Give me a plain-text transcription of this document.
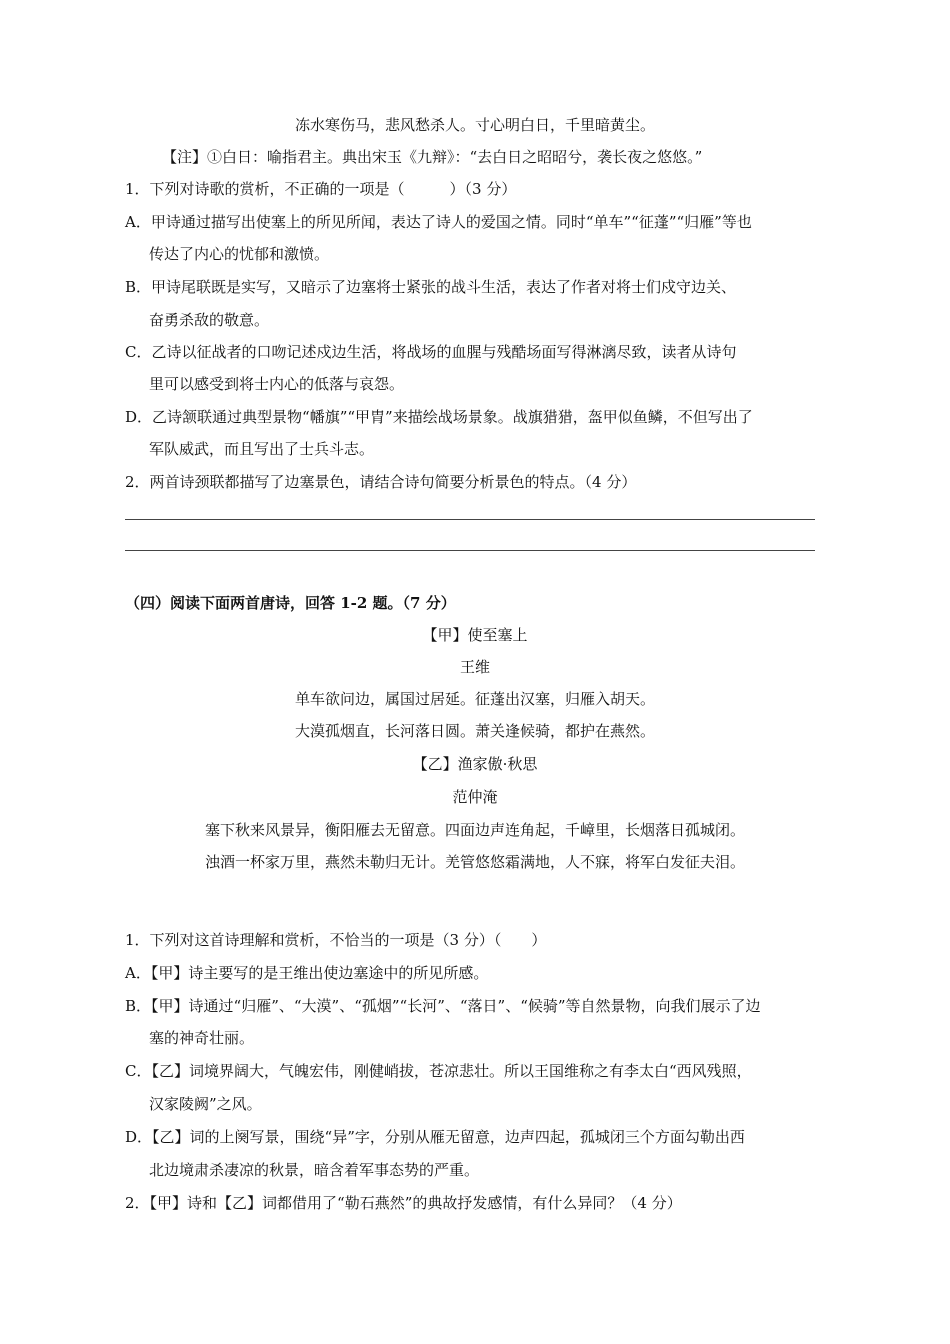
冻水寒伤马，悲风愁杀人。寸心明白日，千里暗黄尘。
【注】①白日：喻指君主。典出宋玉《九辩》：“去白日之昭昭兮，袭长夜之悠悠。”
1．下列对诗歌的赏析，不正确的一项是（　　　）（3 分）
A．甲诗通过描写出使塞上的所见所闻，表达了诗人的爱国之情。同时“单车”“征蓬”“归雁”等也
传达了内心的忧郁和激愤。
B．甲诗尾联既是实写，又暗示了边塞将士紧张的战斗生活，表达了作者对将士们戍守边关、
奋勇杀敌的敬意。
C．乙诗以征战者的口吻记述戍边生活，将战场的血腥与残酷场面写得淋漓尽致，读者从诗句
里可以感受到将士内心的低落与哀怨。
D．乙诗颔联通过典型景物“幡旗”“甲胄”来描绘战场景象。战旗猎猎，盔甲似鱼鳞，不但写出了
军队威武，而且写出了士兵斗志。
2．两首诗颈联都描写了边塞景色，请结合诗句简要分析景色的特点。（4 分）
（四）阅读下面两首唐诗，回答 1-2 题。（7 分）
【甲】使至塞上
王维
单车欲问边，属国过居延。征蓬出汉塞，归雁入胡天。
大漠孤烟直，长河落日圆。萧关逢候骑，都护在燕然。
【乙】渔家傲·秋思
范仲淹
塞下秋来风景异，衡阳雁去无留意。四面边声连角起，千嶂里，长烟落日孤城闭。
浊酒一杯家万里，燕然未勒归无计。羌管悠悠霜满地，人不寐，将军白发征夫泪。
1．下列对这首诗理解和赏析，不恰当的一项是（3 分）（　　）
A．【甲】诗主要写的是王维出使边塞途中的所见所感。
B．【甲】诗通过“归雁”、“大漠”、“孤烟”“长河”、“落日”、“候骑”等自然景物，向我们展示了边
塞的神奇壮丽。
C．【乙】词境界阔大，气魄宏伟，刚健峭拔，苍凉悲壮。所以王国维称之有李太白“西风残照，
汉家陵阙”之风。
D．【乙】词的上阕写景，围绕“异”字，分别从雁无留意，边声四起，孤城闭三个方面勾勒出西
北边境肃杀凄凉的秋景，暗含着军事态势的严重。
2．【甲】诗和【乙】词都借用了“勒石燕然”的典故抒发感情，有什么异同？（4 分）
